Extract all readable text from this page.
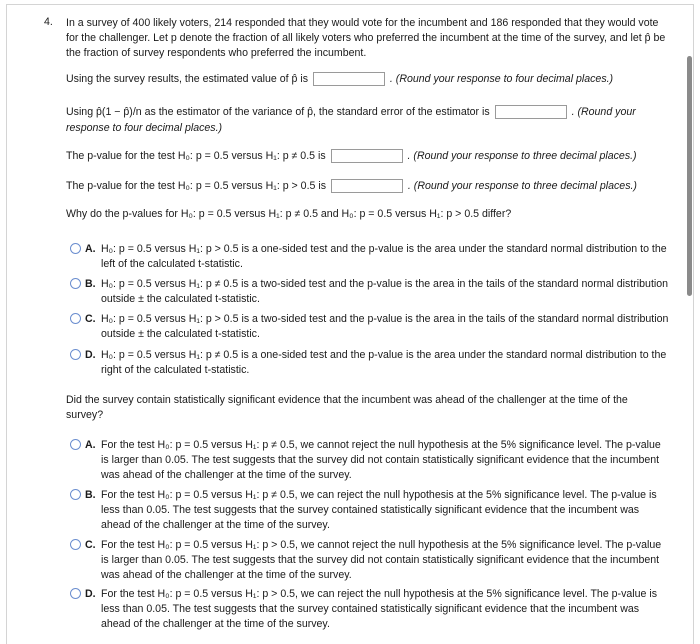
4. In a survey of 400 likely voters, 214 responded that they would vote for the incumbent and 186 responded that they would vote for the challenger. Let p denote the fraction of all likely voters who preferred the incumbent at the time of the survey, and let p̂ be the fraction of survey respondents who preferred the incumbent.
Using the survey results, the estimated value of p̂ is	. (Round your response to four decimal places.)
Using p̂(1 − p̂)/n as the estimator of the variance of p̂, the standard error of the estimator is	. (Round your
response to four decimal places.)
The p-value for the test H₀: p = 0.5 versus H₁: p ≠ 0.5 is	. (Round your response to three decimal places.)
The p-value for the test H₀: p = 0.5 versus H₁: p > 0.5 is	. (Round your response to three decimal places.)
Why do the p-values for H₀: p = 0.5 versus H₁: p ≠ 0.5 and H₀: p = 0.5 versus H₁: p > 0.5 differ?
A. H₀: p = 0.5 versus H₁: p > 0.5 is a one-sided test and the p-value is the area under the standard normal distribution to the left of the calculated t-statistic.
B. H₀: p = 0.5 versus H₁: p ≠ 0.5 is a two-sided test and the p-value is the area in the tails of the standard normal distribution outside ± the calculated t-statistic.
C. H₀: p = 0.5 versus H₁: p > 0.5 is a two-sided test and the p-value is the area in the tails of the standard normal distribution outside ± the calculated t-statistic.
D. H₀: p = 0.5 versus H₁: p ≠ 0.5 is a one-sided test and the p-value is the area under the standard normal distribution to the right of the calculated t-statistic.
Did the survey contain statistically significant evidence that the incumbent was ahead of the challenger at the time of the survey?
A. For the test H₀: p = 0.5 versus H₁: p ≠ 0.5, we cannot reject the null hypothesis at the 5% significance level. The p-value is larger than 0.05. The test suggests that the survey did not contain statistically significant evidence that the incumbent was ahead of the challenger at the time of the survey.
B. For the test H₀: p = 0.5 versus H₁: p ≠ 0.5, we can reject the null hypothesis at the 5% significance level. The p-value is less than 0.05. The test suggests that the survey contained statistically significant evidence that the incumbent was ahead of the challenger at the time of the survey.
C. For the test H₀: p = 0.5 versus H₁: p > 0.5, we cannot reject the null hypothesis at the 5% significance level. The p-value is larger than 0.05. The test suggests that the survey did not contain statistically significant evidence that the incumbent was ahead of the challenger at the time of the survey.
D. For the test H₀: p = 0.5 versus H₁: p > 0.5, we can reject the null hypothesis at the 5% significance level. The p-value is less than 0.05. The test suggests that the survey contained statistically significant evidence that the incumbent was ahead of the challenger at the time of the survey.
